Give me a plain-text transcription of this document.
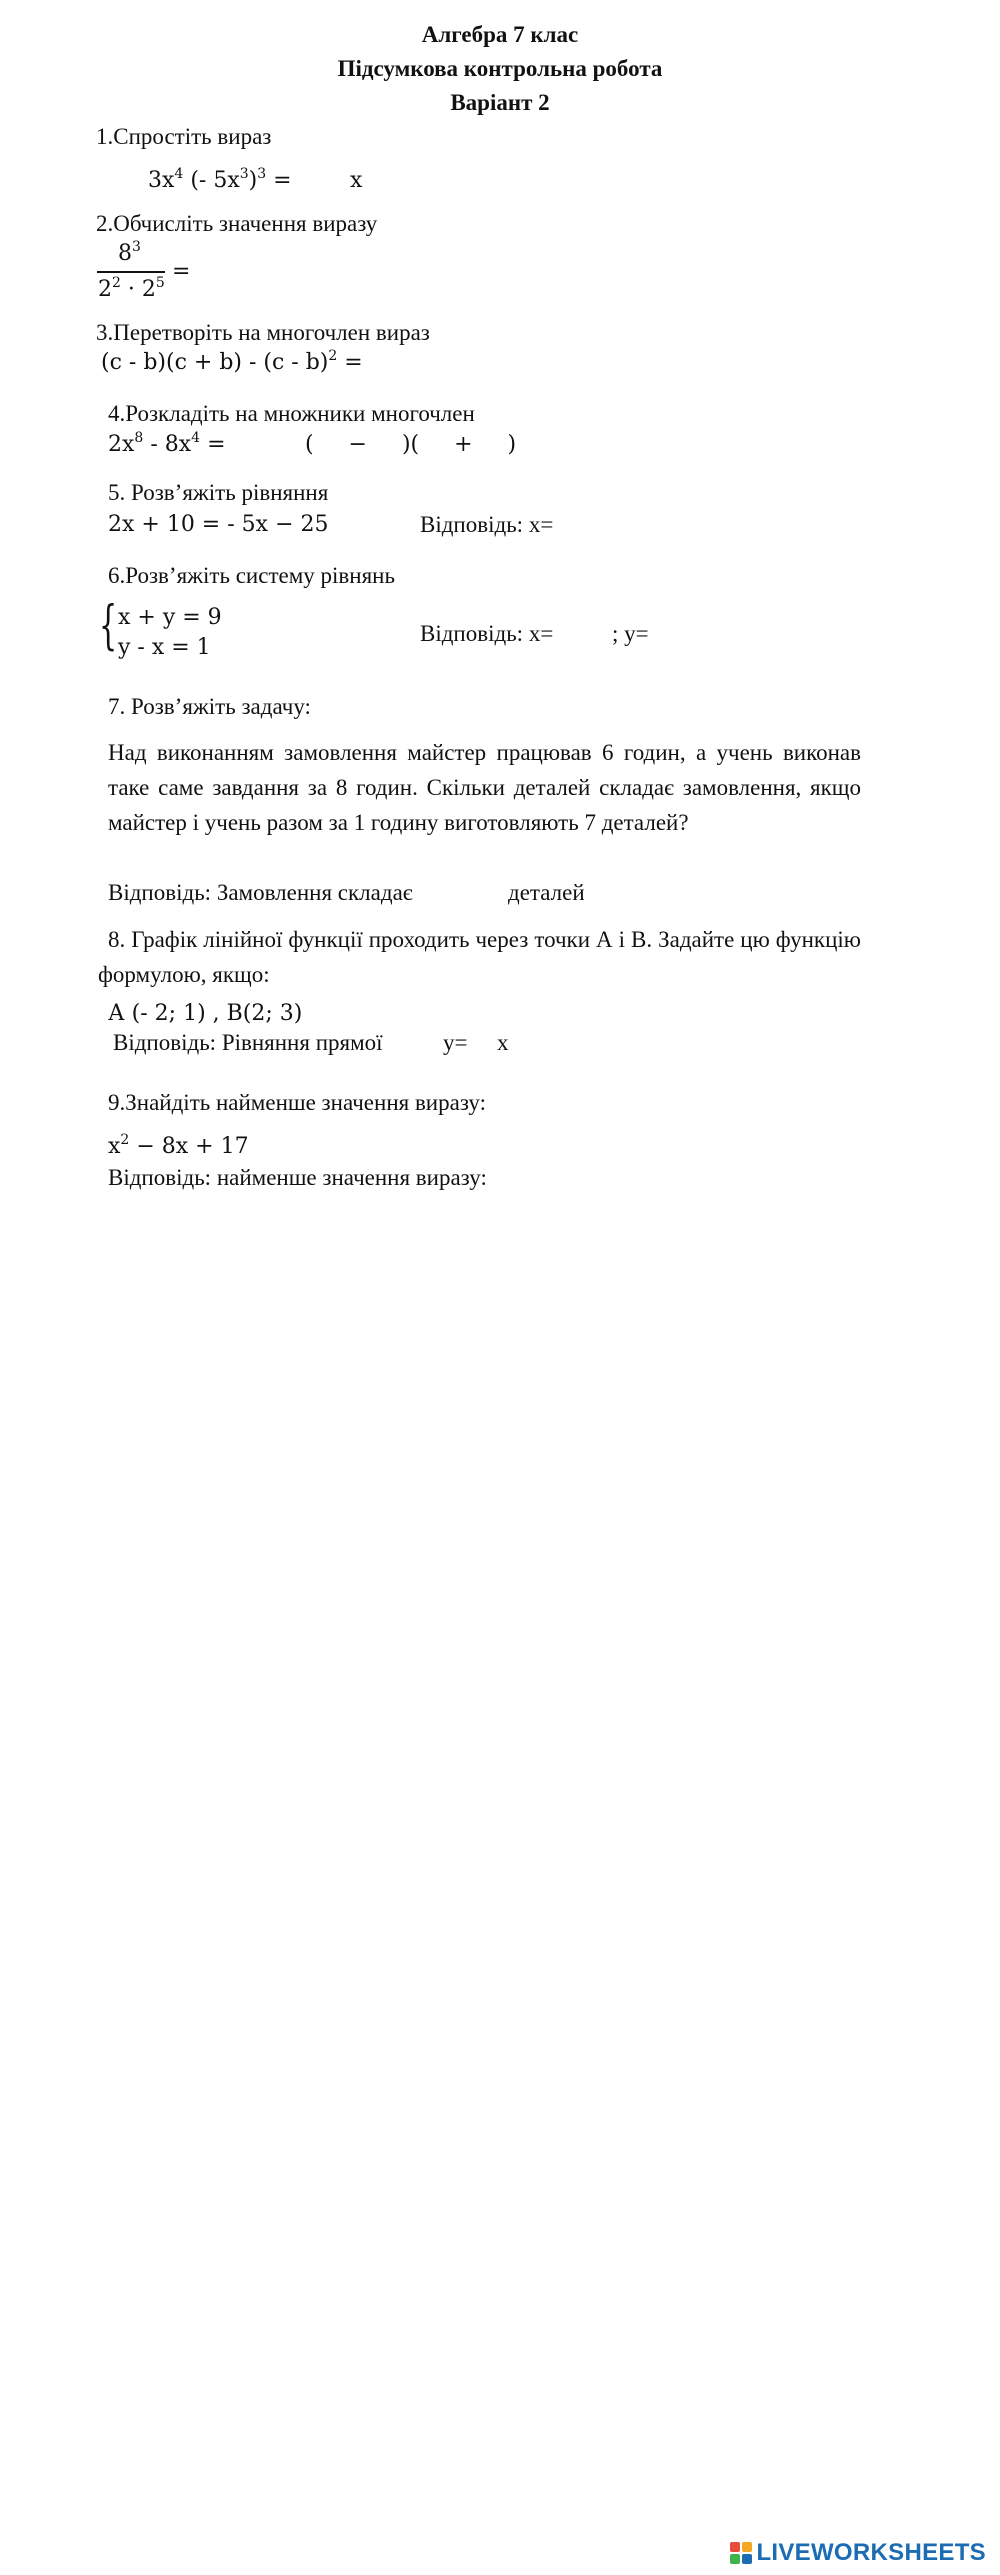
Алгебра 7 клас
Підсумкова контрольна робота
Варіант 2
1.Спростіть вираз
$3x^4$ (- $5x^3)^3$ =	x
2.Обчисліть значення виразу
$8^3$
$2^2 \cdot 2^5$ =
3.Перетворіть на многочлен вираз
(c - b)(c + b) - (c - b)$^2$ =
4.Розкладіть на множники многочлен
$2x^8 - 8x^4$ =	(     −     )(     +     )
5. Розв’яжіть рівняння
2x + 10 = - 5x − 25	Відповідь: x=
6.Розв’яжіть систему рівнянь
{ x + y = 9
y - x = 1
Відповідь: x=	; y=
7. Розв’яжіть задачу:
Над виконанням замовлення майстер працював 6 годин, а учень виконав таке саме завдання за 8 годин. Скільки деталей складає замовлення, якщо майстер і учень разом за 1 годину виготовляють 7 деталей?
Відповідь: Замовлення складає	деталей
8. Графік лінійної функції проходить через точки А і В. Задайте цю функцію формулою, якщо:
А (- 2; 1) , В(2; 3)
Відповідь: Рівняння прямої	y= x
9.Знайдіть найменше значення виразу:
$x^2 - 8x + 17$
Відповідь: найменше значення виразу:
LIVEWORKSHEETS
